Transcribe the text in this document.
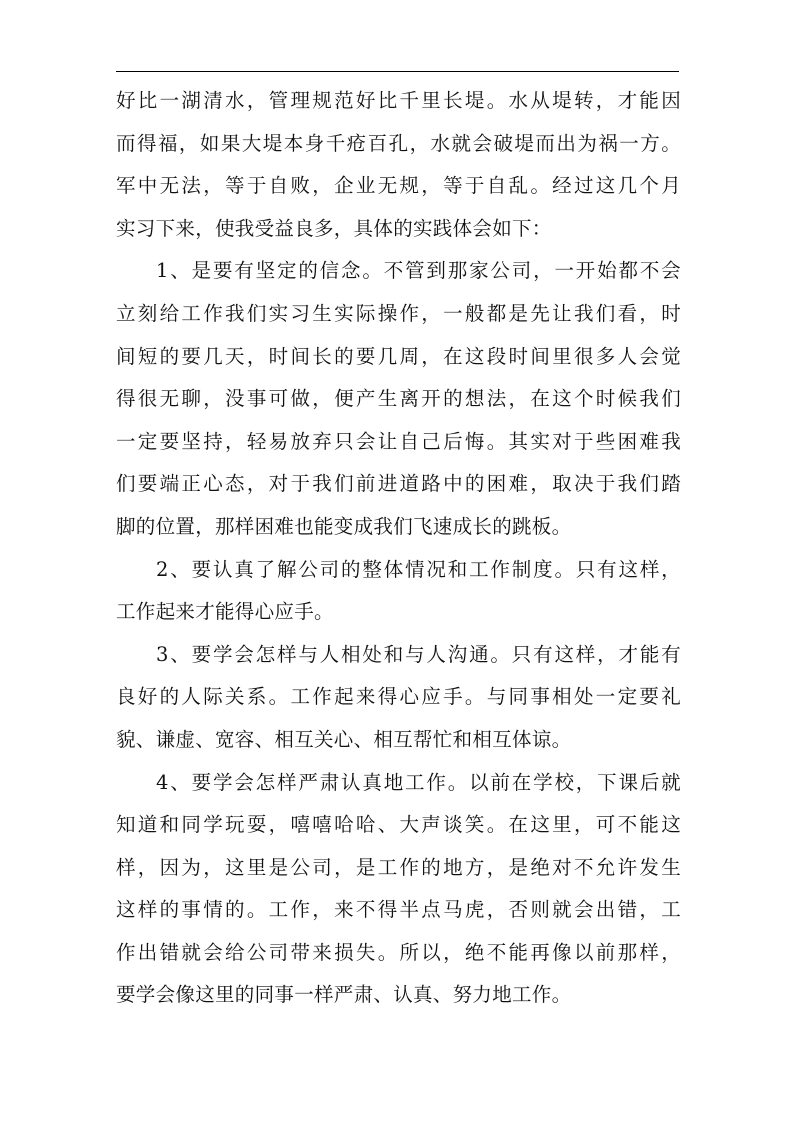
好比一湖清水，管理规范好比千里长堤。水从堤转，才能因
而得福，如果大堤本身千疮百孔，水就会破堤而出为祸一方。
军中无法，等于自败，企业无规，等于自乱。经过这几个月
实习下来，使我受益良多，具体的实践体会如下：
1、是要有坚定的信念。不管到那家公司，一开始都不会
立刻给工作我们实习生实际操作，一般都是先让我们看，时
间短的要几天，时间长的要几周，在这段时间里很多人会觉
得很无聊，没事可做，便产生离开的想法，在这个时候我们
一定要坚持，轻易放弃只会让自己后悔。其实对于些困难我
们要端正心态，对于我们前进道路中的困难，取决于我们踏
脚的位置，那样困难也能变成我们飞速成长的跳板。
2、要认真了解公司的整体情况和工作制度。只有这样，
工作起来才能得心应手。
3、要学会怎样与人相处和与人沟通。只有这样，才能有
良好的人际关系。工作起来得心应手。与同事相处一定要礼
貌、谦虚、宽容、相互关心、相互帮忙和相互体谅。
4、要学会怎样严肃认真地工作。以前在学校，下课后就
知道和同学玩耍，嘻嘻哈哈、大声谈笑。在这里，可不能这
样，因为，这里是公司，是工作的地方，是绝对不允许发生
这样的事情的。工作，来不得半点马虎，否则就会出错，工
作出错就会给公司带来损失。所以，绝不能再像以前那样，
要学会像这里的同事一样严肃、认真、努力地工作。
